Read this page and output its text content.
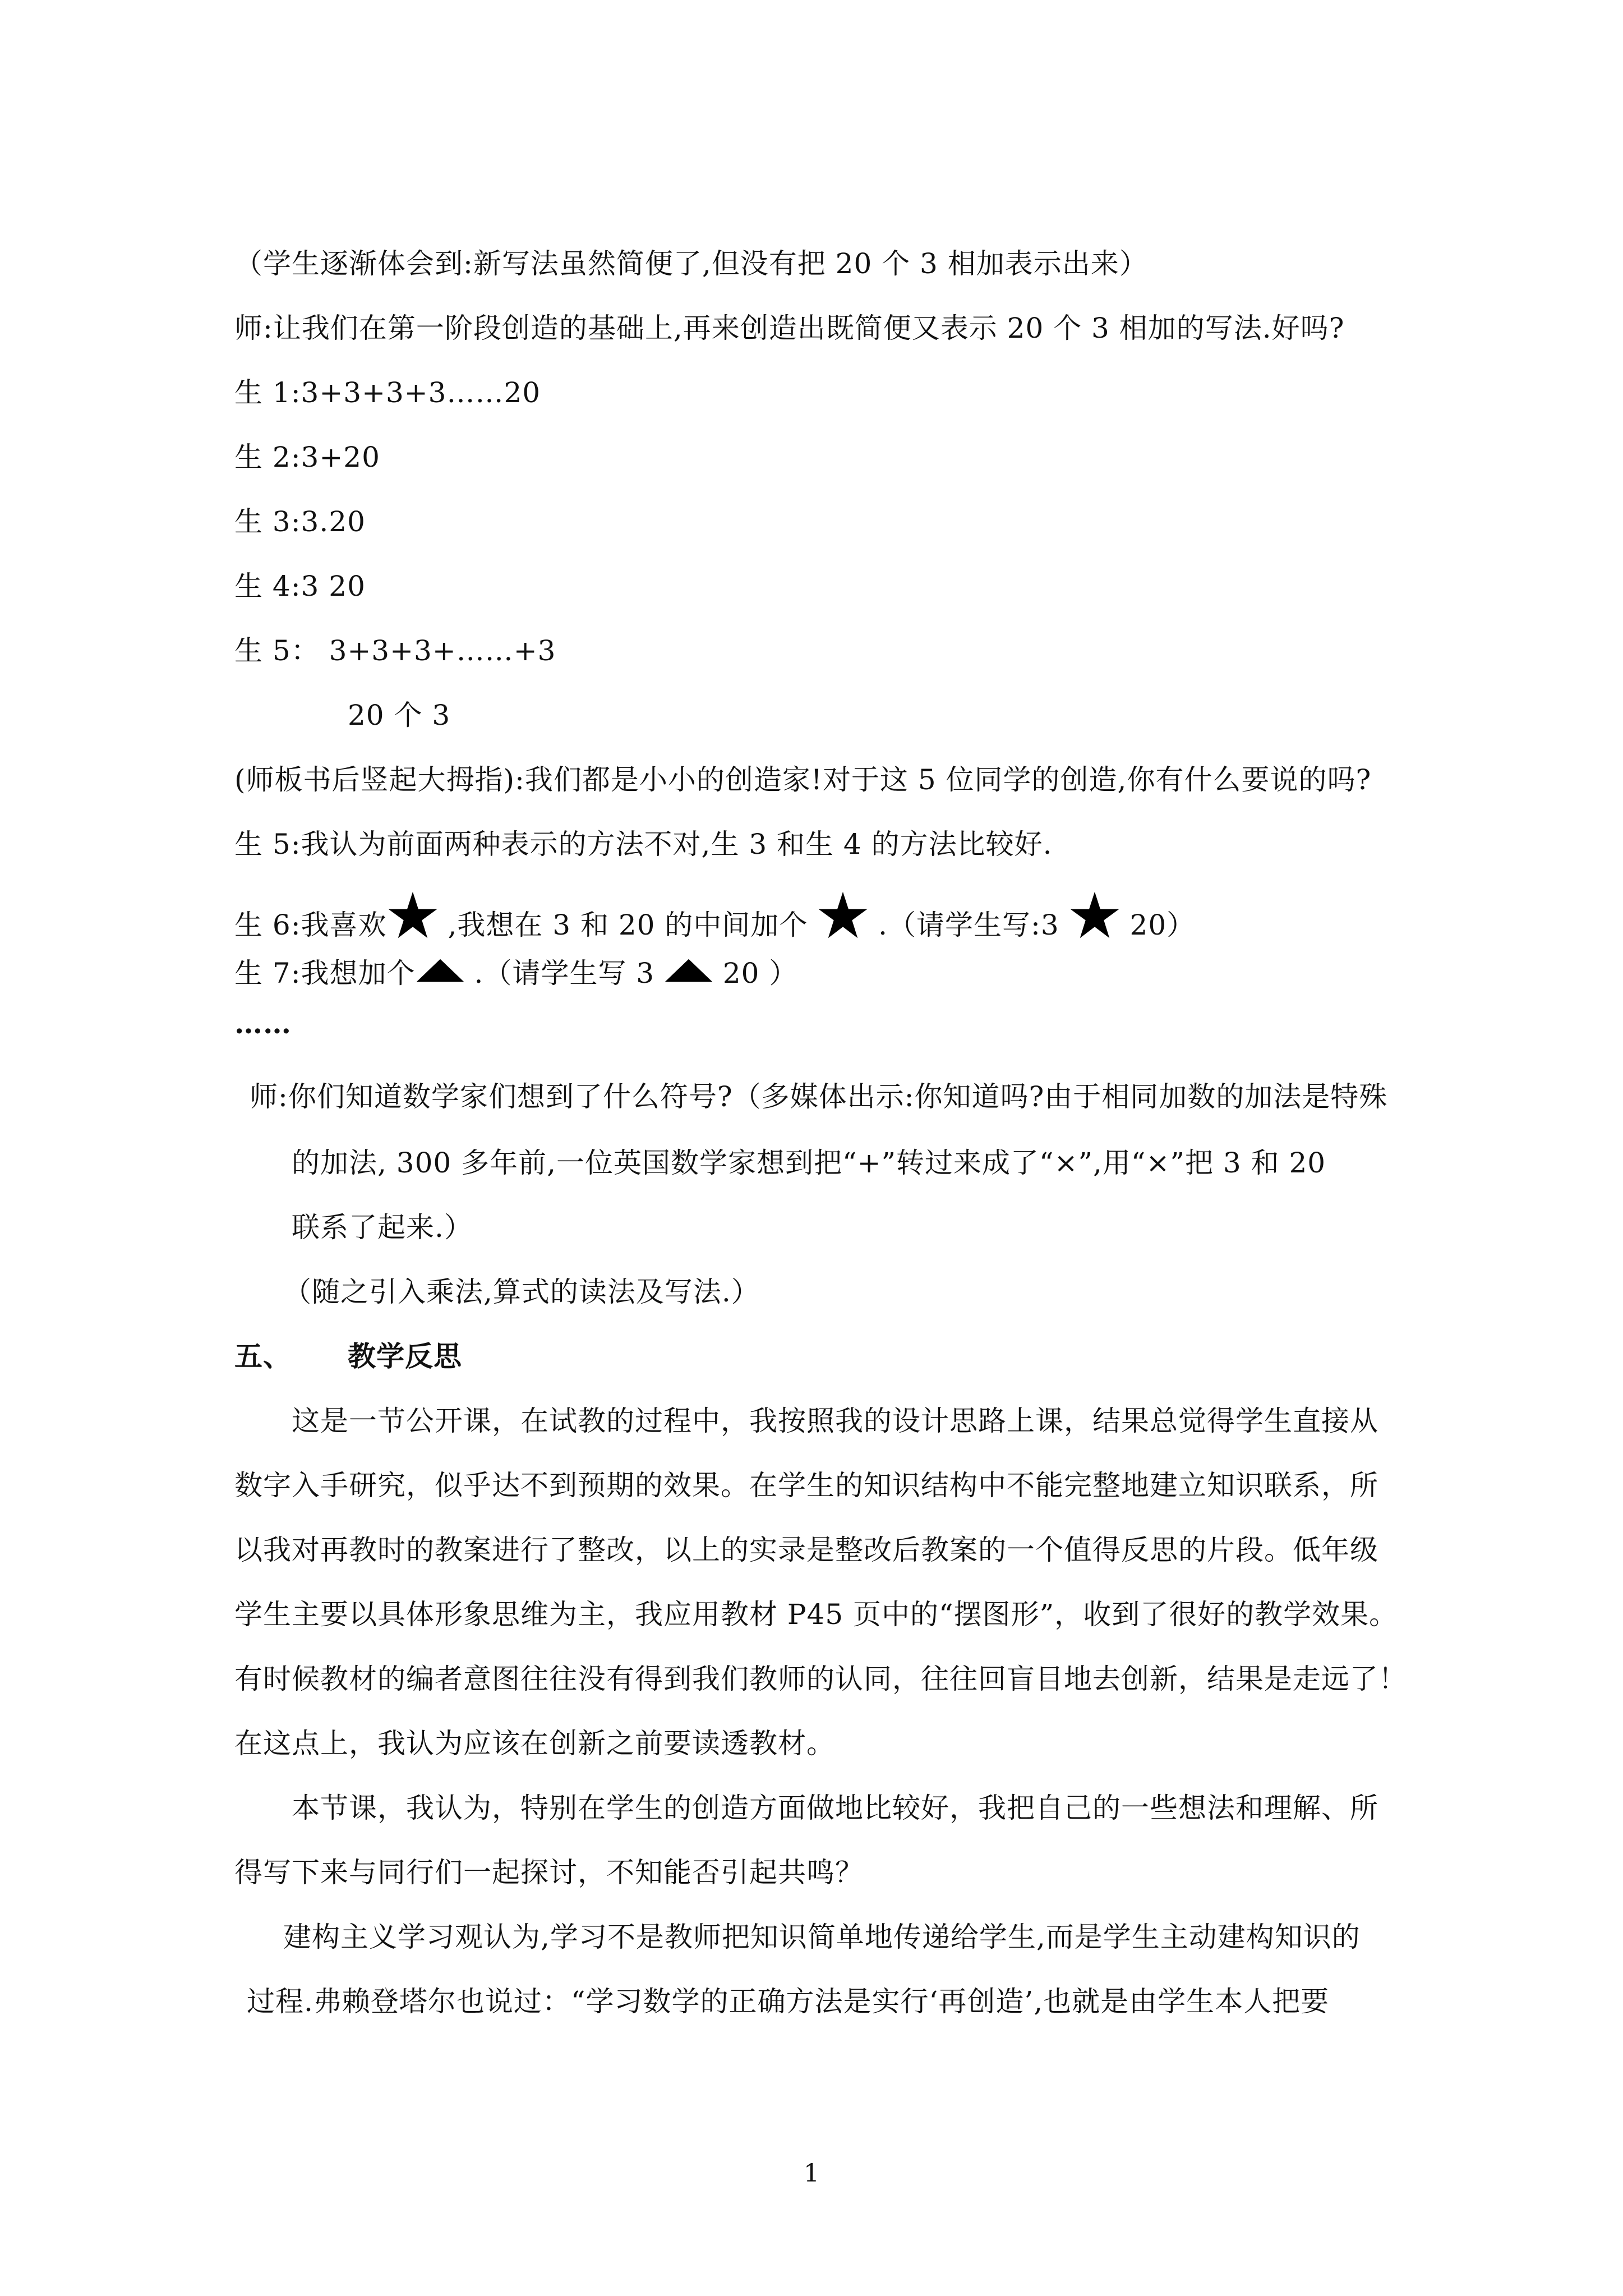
（学生逐渐体会到:新写法虽然简便了,但没有把 20 个 3 相加表示出来）
师:让我们在第一阶段创造的基础上,再来创造出既简便又表示 20 个 3 相加的写法.好吗?
生 1:3+3+3+3……20
生 2:3+20
生 3:3.20
生 4:3 20
生 5： 3+3+3+……+3
20 个 3
(师板书后竖起大拇指):我们都是小小的创造家!对于这 5 位同学的创造,你有什么要说的吗?
生 5:我认为前面两种表示的方法不对,生 3 和生 4 的方法比较好.
生 6:我喜欢 ,我想在 3 和 20 的中间加个  .（请学生写:3  20）
生 7:我想加个 .（请学生写 3  20 ）
……
师:你们知道数学家们想到了什么符号?（多媒体出示:你知道吗?由于相同加数的加法是特殊
的加法, 300 多年前,一位英国数学家想到把“+”转过来成了“×”,用“×”把 3 和 20
联系了起来.）
（随之引入乘法,算式的读法及写法.）
五、 教学反思
这是一节公开课，在试教的过程中，我按照我的设计思路上课，结果总觉得学生直接从
数字入手研究，似乎达不到预期的效果。在学生的知识结构中不能完整地建立知识联系，所
以我对再教时的教案进行了整改，以上的实录是整改后教案的一个值得反思的片段。低年级
学生主要以具体形象思维为主，我应用教材 P45 页中的“摆图形”，收到了很好的教学效果。
有时候教材的编者意图往往没有得到我们教师的认同，往往回盲目地去创新，结果是走远了！
在这点上，我认为应该在创新之前要读透教材。
本节课，我认为，特别在学生的创造方面做地比较好，我把自己的一些想法和理解、所
得写下来与同行们一起探讨，不知能否引起共鸣？
建构主义学习观认为,学习不是教师把知识简单地传递给学生,而是学生主动建构知识的
过程.弗赖登塔尔也说过：“学习数学的正确方法是实行‘再创造’,也就是由学生本人把要
1
